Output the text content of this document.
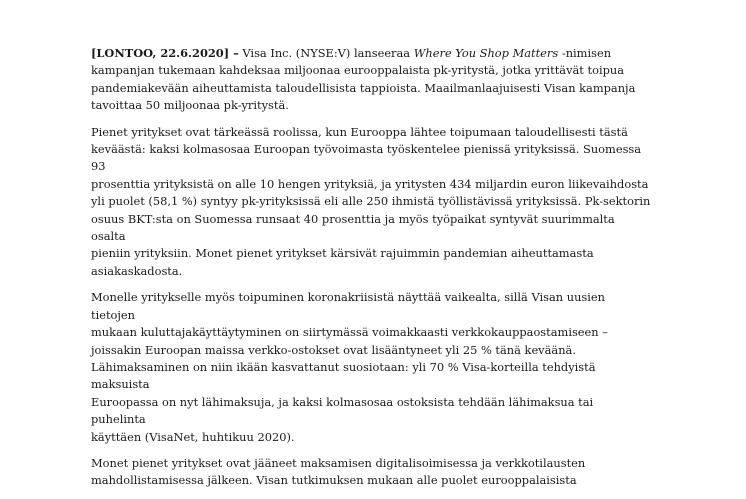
[LONTOO, 22.6.2020] – Visa Inc. (NYSE:V) lanseeraa Where You Shop Matters -nimisen
kampanjan tukemaan kahdeksaa miljoonaa eurooppalaista pk-yritystä, jotka yrittävät toipua
pandemiakevään aiheuttamista taloudellisista tappioista. Maailmanlaajuisesti Visan kampanja
tavoittaa 50 miljoonaa pk-yritystä.

Pienet yritykset ovat tärkeässä roolissa, kun Eurooppa lähtee toipumaan taloudellisesti tästä
keväästä: kaksi kolmasosaa Euroopan työvoimasta työskentelee pienissä yrityksissä. Suomessa 93
prosenttia yrityksistä on alle 10 hengen yrityksiä, ja yritysten 434 miljardin euron liikevaihdosta
yli puolet (58,1 %) syntyy pk-yrityksissä eli alle 250 ihmistä työllistävissä yrityksissä. Pk-sektorin
osuus BKT:sta on Suomessa runsaat 40 prosenttia ja myös työpaikat syntyvät suurimmalta osalta
pieniin yrityksiin. Monet pienet yritykset kärsivät rajuimmin pandemian aiheuttamasta
asiakaskadosta.

Monelle yritykselle myös toipuminen koronakriisistä näyttää vaikealta, sillä Visan uusien tietojen
mukaan kuluttajakäyttäytyminen on siirtymässä voimakkaasti verkkokauppaostamiseen –
joissakin Euroopan maissa verkko-ostokset ovat lisääntyneet yli 25 % tänä keväänä.
Lähimaksaminen on niin ikään kasvattanut suosiotaan: yli 70 % Visa-korteilla tehdyistä maksuista
Euroopassa on nyt lähimaksuja, ja kaksi kolmasosaa ostoksista tehdään lähimaksua tai puhelinta
käyttäen (VisaNet, huhtikuu 2020).

Monet pienet yritykset ovat jääneet maksamisen digitalisoimisessa ja verkkotilausten
mahdollistamisessa jälkeen. Visan tutkimuksen mukaan alle puolet eurooppalaisista
